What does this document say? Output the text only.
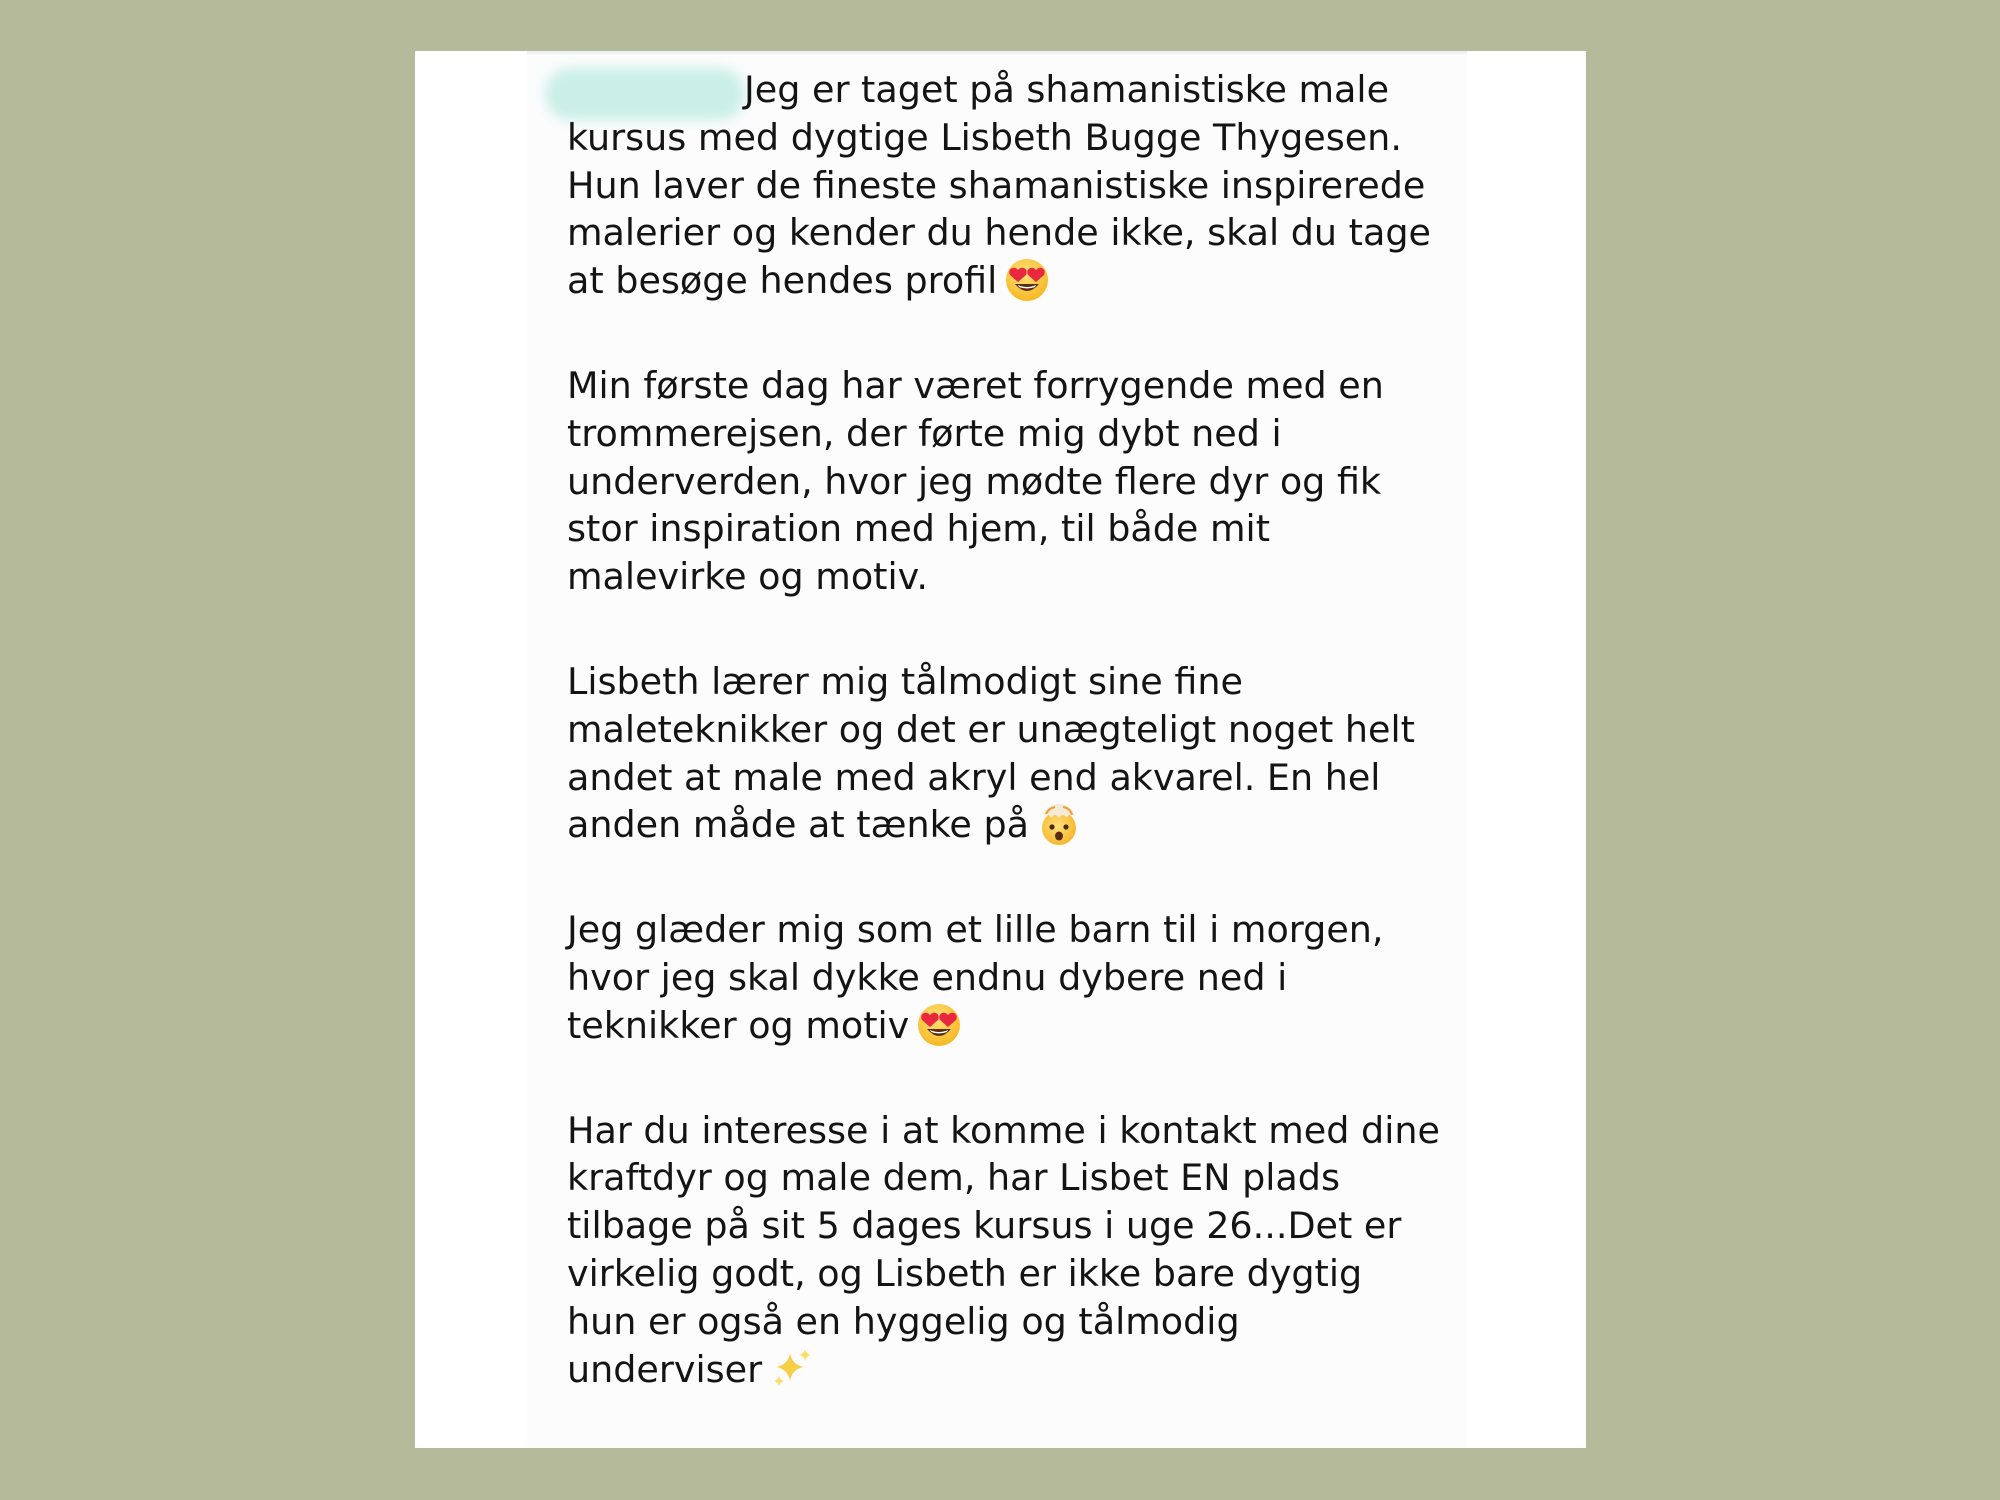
Jeg er taget på shamanistiske male
kursus med dygtige Lisbeth Bugge Thygesen.
Hun laver de fineste shamanistiske inspirerede
malerier og kender du hende ikke, skal du tage
at besøge hendes profil

Min første dag har været forrygende med en
trommerejsen, der førte mig dybt ned i
underverden, hvor jeg mødte flere dyr og fik
stor inspiration med hjem, til både mit
malevirke og motiv.

Lisbeth lærer mig tålmodigt sine fine
maleteknikker og det er unægteligt noget helt
andet at male med akryl end akvarel. En hel
anden måde at tænke på

Jeg glæder mig som et lille barn til i morgen,
hvor jeg skal dykke endnu dybere ned i
teknikker og motiv

Har du interesse i at komme i kontakt med dine
kraftdyr og male dem, har Lisbet EN plads
tilbage på sit 5 dages kursus i uge 26...Det er
virkelig godt, og Lisbeth er ikke bare dygtig
hun er også en hyggelig og tålmodig
underviser
